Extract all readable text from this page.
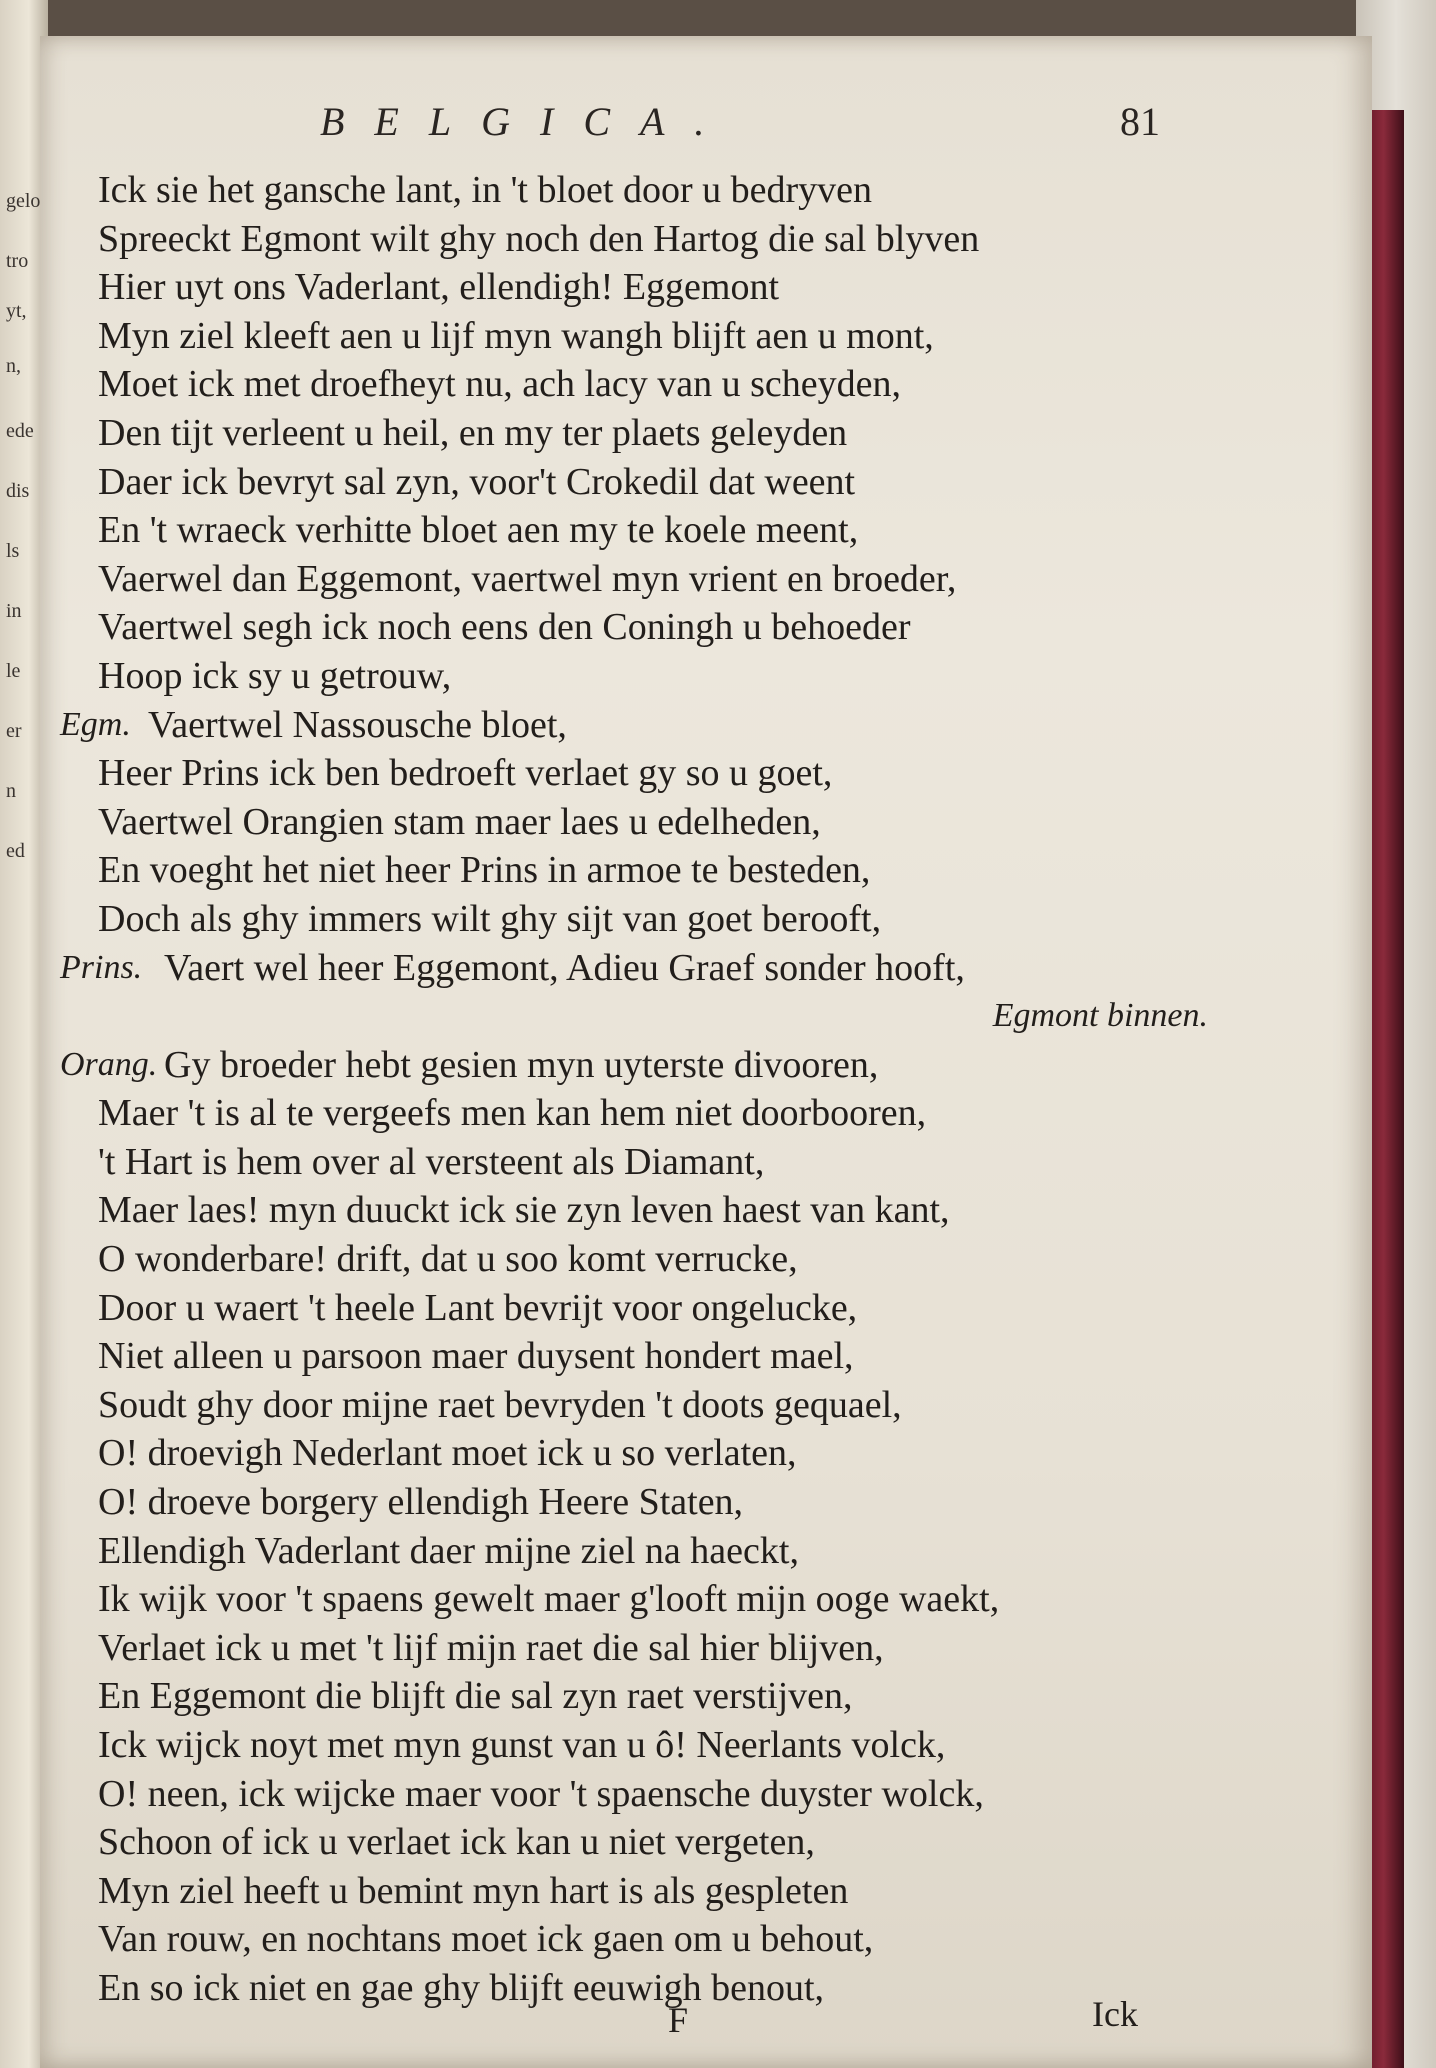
gelo
tro
yt,
n,
ede
dis
ls
in
le
er
n
ed
BELGICA.	81
Ick sie het gansche lant, in 't bloet door u bedryven
Spreeckt Egmont wilt ghy noch den Hartog die sal blyven
Hier uyt ons Vaderlant, ellendigh! Eggemont
Myn ziel kleeft aen u lijf myn wangh blijft aen u mont,
Moet ick met droefheyt nu, ach lacy van u scheyden,
Den tijt verleent u heil, en my ter plaets geleyden
Daer ick bevryt sal zyn, voor't Crokedil dat weent
En 't wraeck verhitte bloet aen my te koele meent,
Vaerwel dan Eggemont, vaertwel myn vrient en broeder,
Vaertwel segh ick noch eens den Coningh u behoeder
Hoop ick sy u getrouw,
Egm. Vaertwel Nassousche bloet,
Heer Prins ick ben bedroeft verlaet gy so u goet,
Vaertwel Orangien stam maer laes u edelheden,
En voeght het niet heer Prins in armoe te besteden,
Doch als ghy immers wilt ghy sijt van goet berooft,
Prins. Vaert wel heer Eggemont, Adieu Graef sonder hooft,
Egmont binnen.
Orang. Gy broeder hebt gesien myn uyterste divooren,
Maer 't is al te vergeefs men kan hem niet doorbooren,
't Hart is hem over al versteent als Diamant,
Maer laes! myn duuckt ick sie zyn leven haest van kant,
O wonderbare! drift, dat u soo komt verrucke,
Door u waert 't heele Lant bevrijt voor ongelucke,
Niet alleen u parsoon maer duysent hondert mael,
Soudt ghy door mijne raet bevryden 't doots gequael,
O! droevigh Nederlant moet ick u so verlaten,
O! droeve borgery ellendigh Heere Staten,
Ellendigh Vaderlant daer mijne ziel na haeckt,
Ik wijk voor 't spaens gewelt maer g'looft mijn ooge waekt,
Verlaet ick u met 't lijf mijn raet die sal hier blijven,
En Eggemont die blijft die sal zyn raet verstijven,
Ick wijck noyt met myn gunst van u ô! Neerlants volck,
O! neen, ick wijcke maer voor 't spaensche duyster wolck,
Schoon of ick u verlaet ick kan u niet vergeten,
Myn ziel heeft u bemint myn hart is als gespleten
Van rouw, en nochtans moet ick gaen om u behout,
En so ick niet en gae ghy blijft eeuwigh benout,
F	Ick
